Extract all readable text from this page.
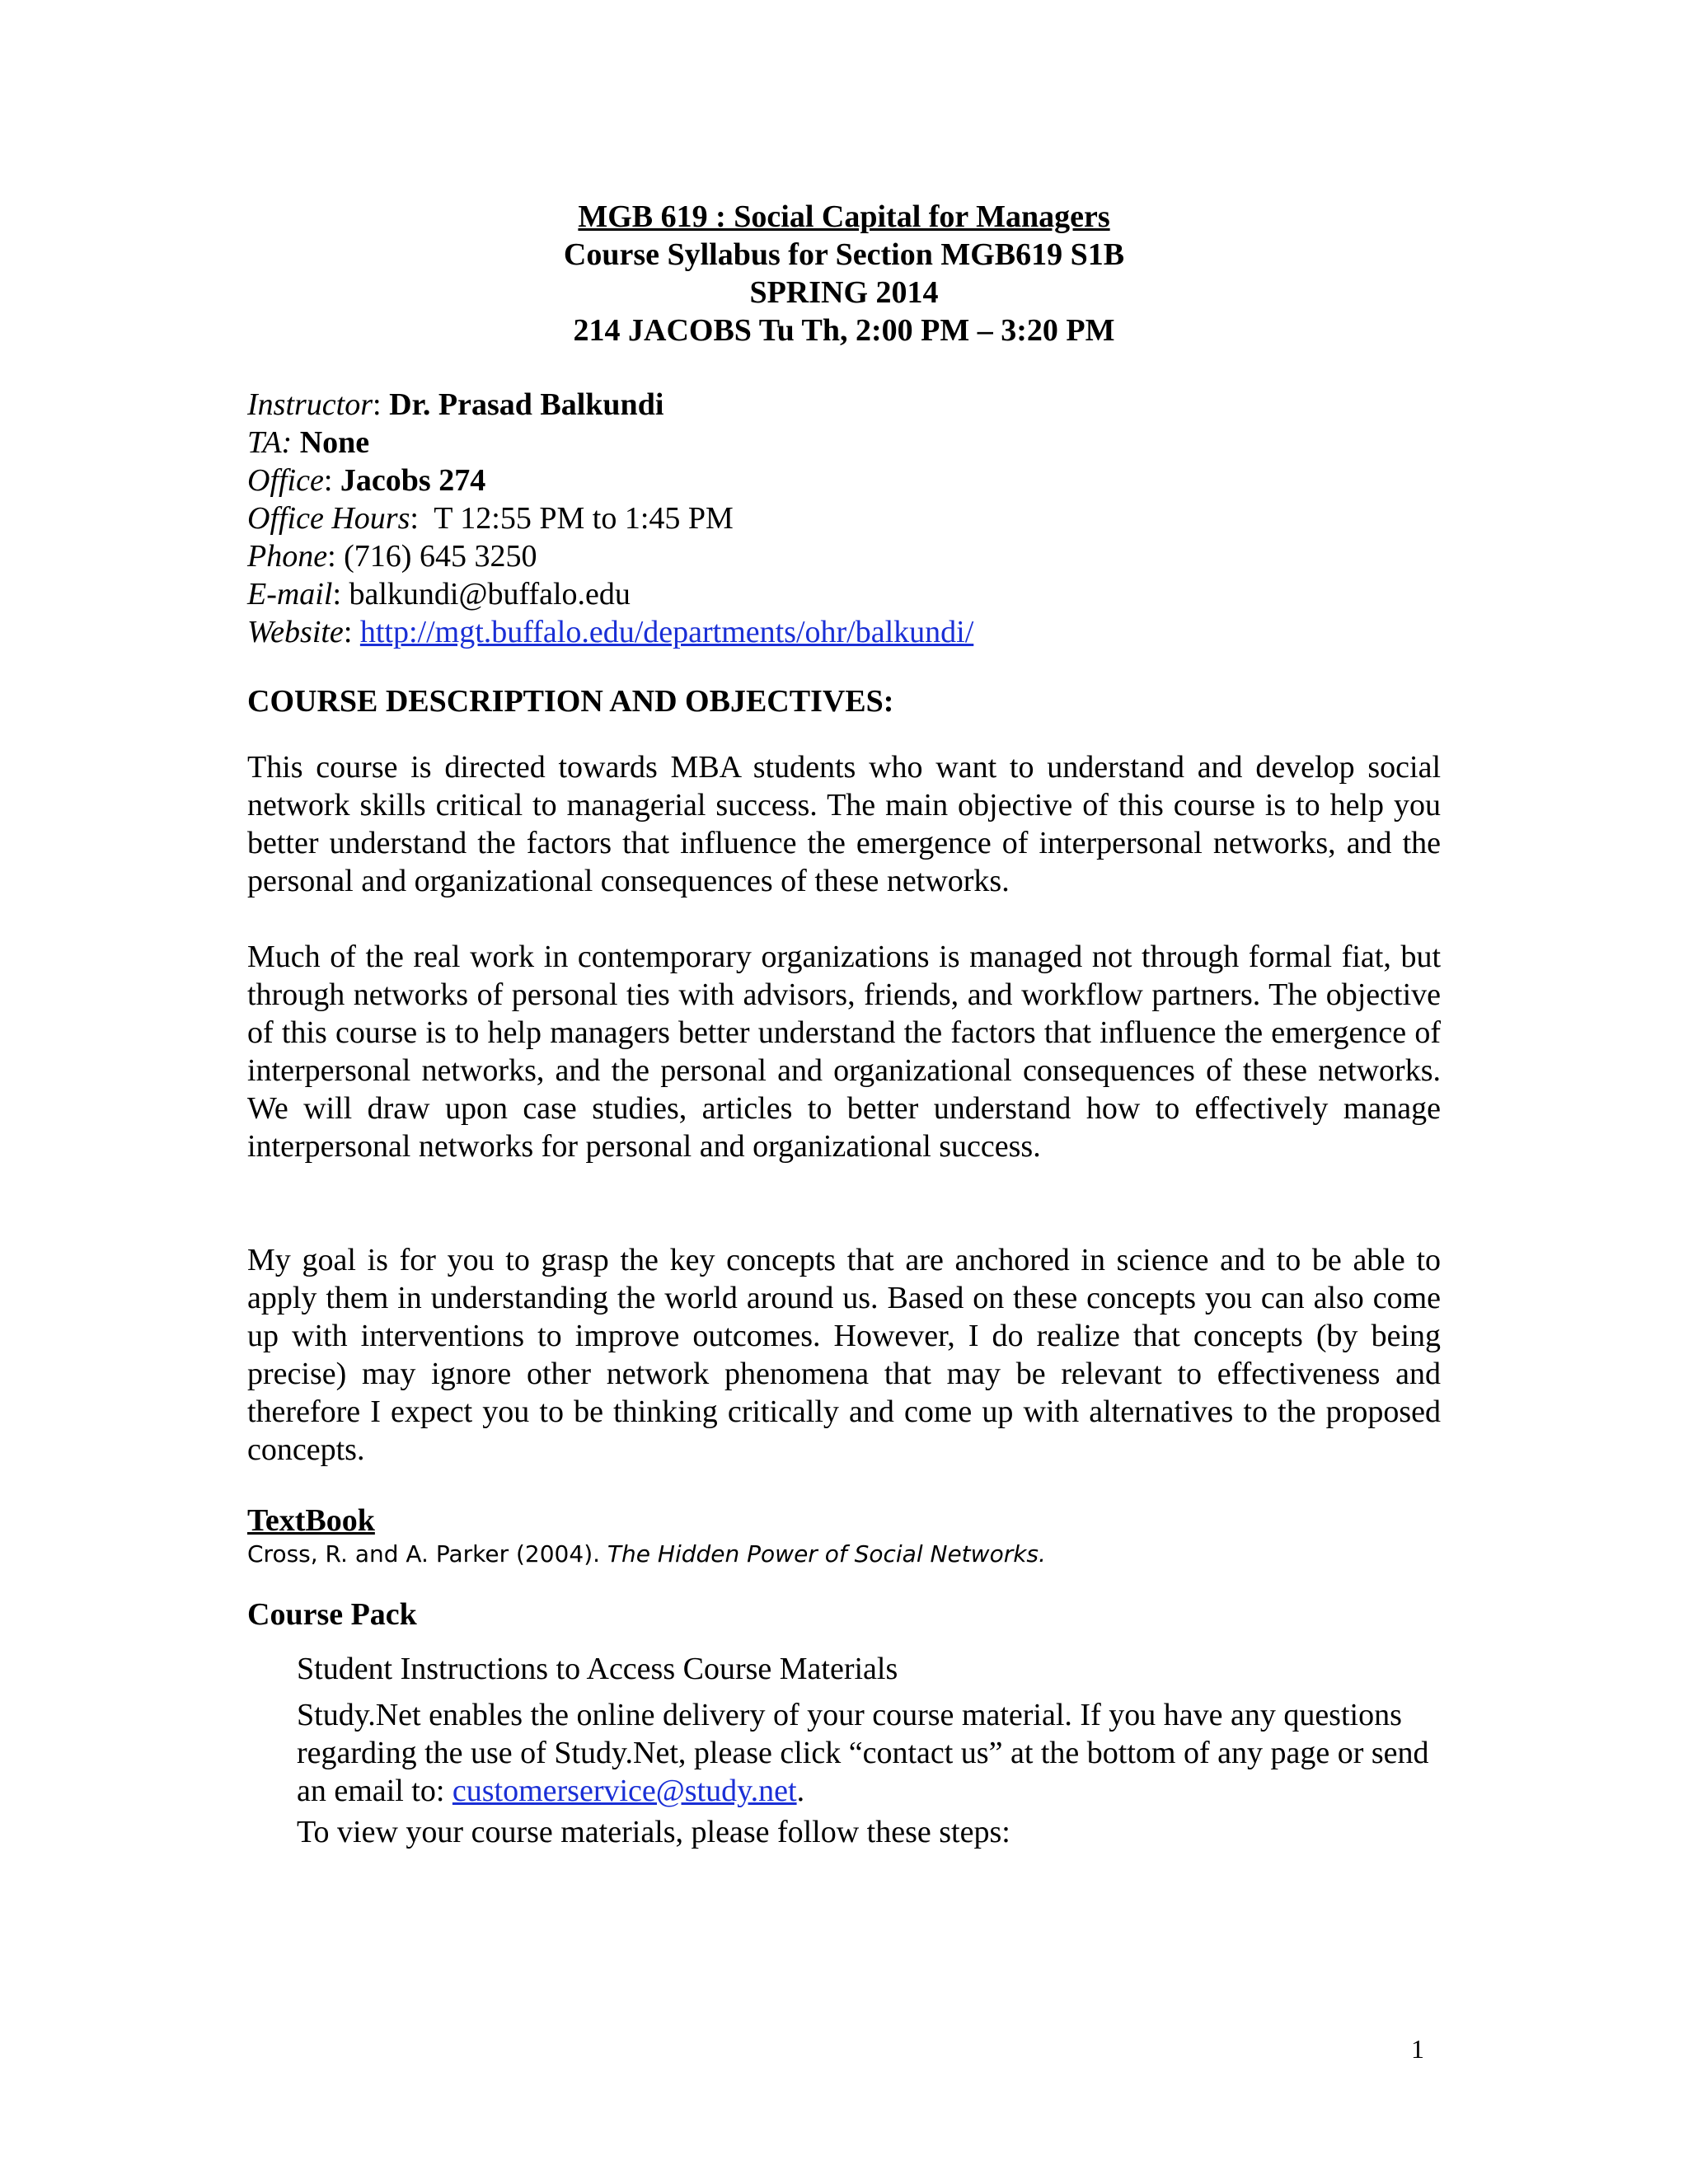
MGB 619 : Social Capital for Managers
Course Syllabus for Section MGB619 S1B
SPRING 2014
214 JACOBS Tu Th, 2:00 PM – 3:20 PM
Instructor: Dr. Prasad Balkundi
TA: None
Office: Jacobs 274
Office Hours:  T 12:55 PM to 1:45 PM
Phone: (716) 645 3250
E-mail: balkundi@buffalo.edu
Website: http://mgt.buffalo.edu/departments/ohr/balkundi/
COURSE DESCRIPTION AND OBJECTIVES:

This course is directed towards MBA students who want to understand and develop social network skills critical to managerial success. The main objective of this course is to help you better understand the factors that influence the emergence of interpersonal networks, and the personal and organizational consequences of these networks.

Much of the real work in contemporary organizations is managed not through formal fiat, but through networks of personal ties with advisors, friends, and workflow partners. The objective of this course is to help managers better understand the factors that influence the emergence of interpersonal networks, and the personal and organizational consequences of these networks. We will draw upon case studies, articles to better understand how to effectively manage interpersonal networks for personal and organizational success.

My goal is for you to grasp the key concepts that are anchored in science and to be able to apply them in understanding the world around us. Based on these concepts you can also come up with interventions to improve outcomes. However, I do realize that concepts (by being precise) may ignore other network phenomena that may be relevant to effectiveness and therefore I expect you to be thinking critically and come up with alternatives to the proposed concepts.

TextBook
Cross, R. and A. Parker (2004). The Hidden Power of Social Networks.
Course Pack
Student Instructions to Access Course Materials
Study.Net enables the online delivery of your course material. If you have any questions regarding the use of Study.Net, please click “contact us” at the bottom of any page or send an email to: customerservice@study.net.
To view your course materials, please follow these steps:
1
